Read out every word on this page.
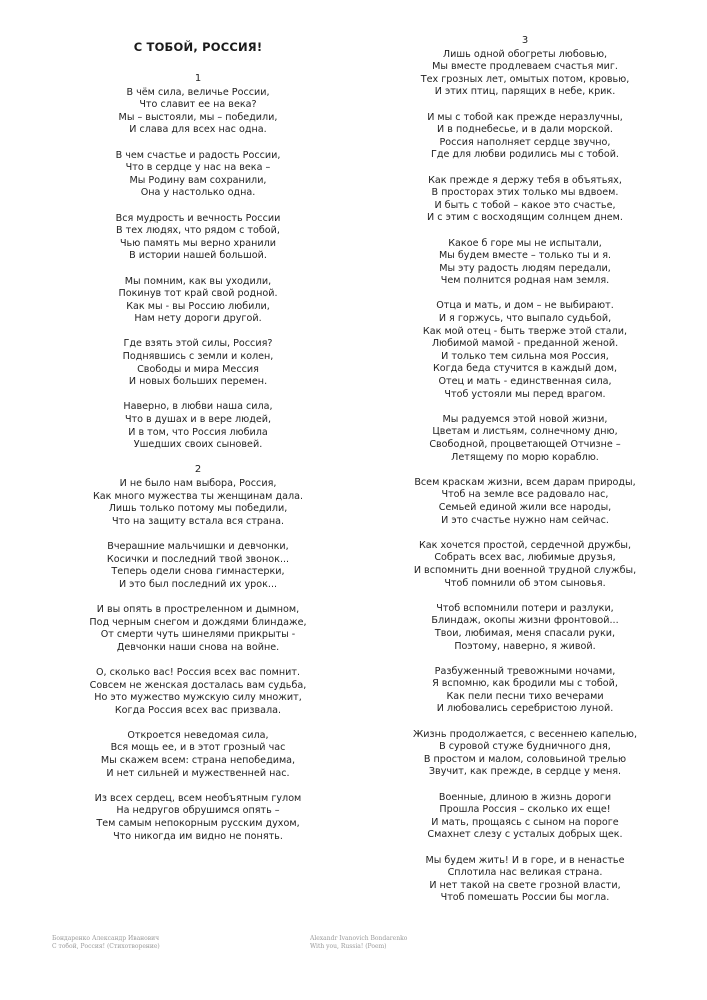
С ТОБОЙ, РОССИЯ!
1
В чём сила, величье России,
Что славит ее на века?
Мы – выстояли, мы – победили,
И слава для всех нас одна.
В чем счастье и радость России,
Что в сердце у нас на века –
Мы Родину вам сохранили,
Она у настолько одна.
Вся мудрость и вечность России
В тех людях, что рядом с тобой,
Чью память мы верно хранили
В истории нашей большой.
Мы помним, как вы уходили,
Покинув тот край свой родной.
Как мы - вы Россию любили,
Нам нету дороги другой.
Где взять этой силы, Россия?
Поднявшись с земли и колен,
Свободы и мира Мессия
И новых больших перемен.
Наверно, в любви наша сила,
Что в душах и в вере людей,
И в том, что Россия любила
Ушедших своих сыновей.
2
И не было нам выбора, Россия,
Как много мужества ты женщинам дала.
Лишь только потому мы победили,
Что на защиту встала вся страна.
Вчерашние мальчишки и девчонки,
Косички и последний твой звонок...
Теперь одели снова гимнастерки,
И это был последний их урок...
И вы опять в простреленном и дымном,
Под черным снегом и дождями блиндаже,
От смерти чуть шинелями прикрыты -
Девчонки наши снова на войне.
О, сколько вас! Россия всех вас помнит.
Совсем не женская досталась вам судьба,
Но это мужество мужскую силу множит,
Когда Россия всех вас призвала.
Откроется неведомая сила,
Вся мощь ее, и в этот грозный час
Мы скажем всем: страна непобедима,
И нет сильней и мужественней нас.
Из всех сердец, всем необъятным гулом
На недругов обрушимся опять –
Тем самым непокорным русским духом,
Что никогда им видно не понять.
3
Лишь одной обогреты любовью,
Мы вместе продлеваем счастья миг.
Тех грозных лет, омытых потом, кровью,
И этих птиц, парящих в небе, крик.
И мы с тобой как прежде неразлучны,
И в поднебесье, и в дали морской.
Россия наполняет сердце звучно,
Где для любви родились мы с тобой.
Как прежде я держу тебя в объятьях,
В просторах этих только мы вдвоем.
И быть с тобой – какое это счастье,
И с этим с восходящим солнцем днем.
Какое б горе мы не испытали,
Мы будем вместе – только ты и я.
Мы эту радость людям передали,
Чем полнится родная нам земля.
Отца и мать, и дом – не выбирают.
И я горжусь, что выпало судьбой,
Как мой отец - быть тверже этой стали,
Любимой мамой - преданной женой.
И только тем сильна моя Россия,
Когда беда стучится в каждый дом,
Отец и мать - единственная сила,
Чтоб устояли мы перед врагом.
Мы радуемся этой новой жизни,
Цветам и листьям, солнечному дню,
Свободной, процветающей Отчизне –
Летящему по морю кораблю.
Всем краскам жизни, всем дарам природы,
Чтоб на земле все радовало нас,
Семьей единой жили все народы,
И это счастье нужно нам сейчас.
Как хочется простой, сердечной дружбы,
Собрать всех вас, любимые друзья,
И вспомнить дни военной трудной службы,
Чтоб помнили об этом сыновья.
Чтоб вспомнили потери и разлуки,
Блиндаж, окопы жизни фронтовой...
Твои, любимая, меня спасали руки,
Поэтому, наверно, я живой.
Разбуженный тревожными ночами,
Я вспомню, как бродили мы с тобой,
Как пели песни тихо вечерами
И любовались серебристою луной.
Жизнь продолжается, с весеннею капелью,
В суровой стуже будничного дня,
В простом и малом, соловьиной трелью
Звучит, как прежде, в сердце у меня.
Военные, длиною в жизнь дороги
Прошла Россия – сколько их еще!
И мать, прощаясь с сыном на пороге
Смахнет слезу с усталых добрых щек.
Мы будем жить! И в горе, и в ненастье
Сплотила нас великая страна.
И нет такой на свете грозной власти,
Чтоб помешать России бы могла.
Бондаренко Александр Иванович
С тобой, Россия! (Стихотворение)
Alexandr Ivanovich Bondarenko
With you, Russia! (Poem)
